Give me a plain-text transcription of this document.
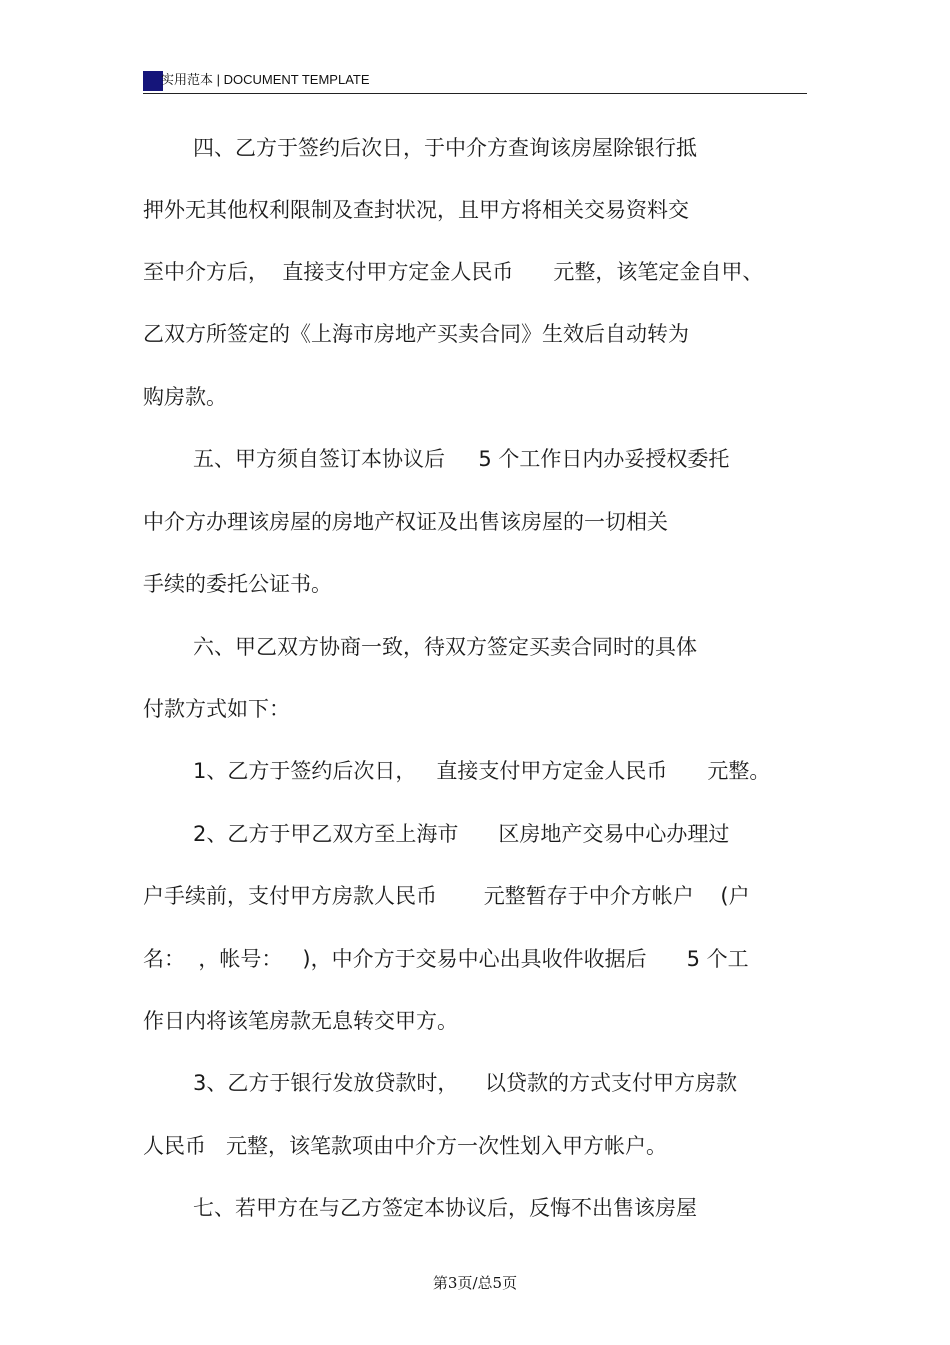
实用范本 | DOCUMENT TEMPLATE
四、乙方于签约后次日，于中介方查询该房屋除银行抵
押外无其他权利限制及查封状况，且甲方将相关交易资料交
至中介方后，  直接支付甲方定金人民币      元整，该笔定金自甲、
乙双方所签定的《上海市房地产买卖合同》生效后自动转为
购房款。
五、甲方须自签订本协议后     5 个工作日内办妥授权委托
中介方办理该房屋的房地产权证及出售该房屋的一切相关
手续的委托公证书。
六、甲乙双方协商一致，待双方签定买卖合同时的具体
付款方式如下：
1、乙方于签约后次日，   直接支付甲方定金人民币      元整。
2、乙方于甲乙双方至上海市      区房地产交易中心办理过
户手续前，支付甲方房款人民币       元整暂存于中介方帐户    (户
名：  ，帐号：   )，中介方于交易中心出具收件收据后      5 个工
作日内将该笔房款无息转交甲方。
3、乙方于银行发放贷款时，    以贷款的方式支付甲方房款
人民币   元整，该笔款项由中介方一次性划入甲方帐户。
七、若甲方在与乙方签定本协议后，反悔不出售该房屋
第3页/总5页
